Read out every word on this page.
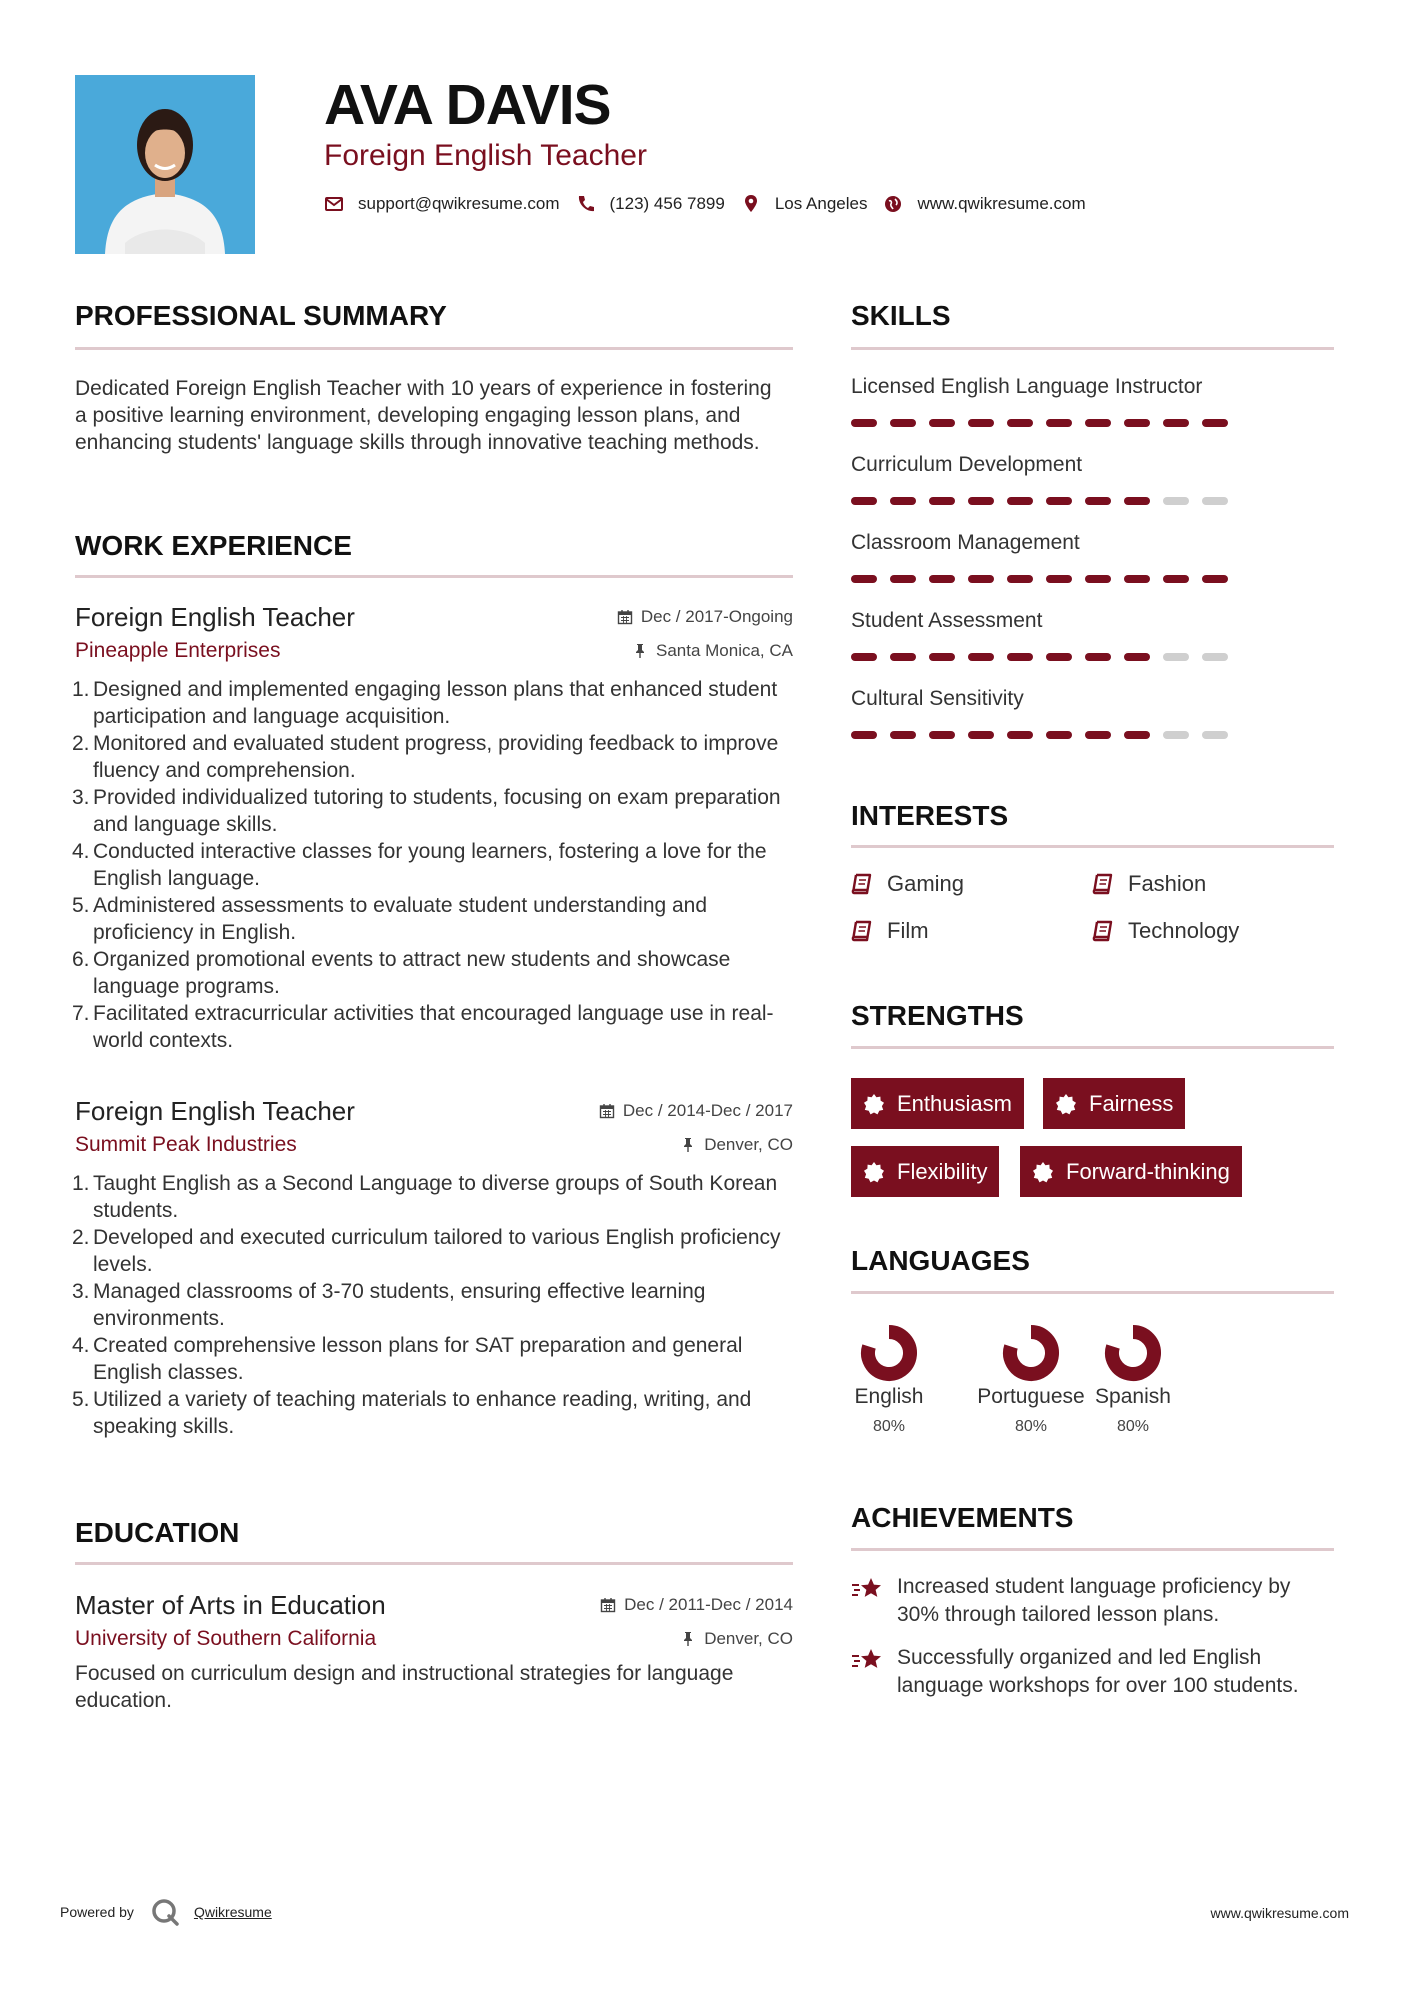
AVA DAVIS
Foreign English Teacher
support@qwikresume.com	(123) 456 7899	Los Angeles	www.qwikresume.com
PROFESSIONAL SUMMARY
Dedicated Foreign English Teacher with 10 years of experience in fostering a positive learning environment, developing engaging lesson plans, and enhancing students' language skills through innovative teaching methods.
WORK EXPERIENCE
Foreign English Teacher	Dec / 2017-Ongoing
Pineapple Enterprises	Santa Monica, CA
1. Designed and implemented engaging lesson plans that enhanced student participation and language acquisition.
2. Monitored and evaluated student progress, providing feedback to improve fluency and comprehension.
3. Provided individualized tutoring to students, focusing on exam preparation and language skills.
4. Conducted interactive classes for young learners, fostering a love for the English language.
5. Administered assessments to evaluate student understanding and proficiency in English.
6. Organized promotional events to attract new students and showcase language programs.
7. Facilitated extracurricular activities that encouraged language use in real-world contexts.
Foreign English Teacher	Dec / 2014-Dec / 2017
Summit Peak Industries	Denver, CO
1. Taught English as a Second Language to diverse groups of South Korean students.
2. Developed and executed curriculum tailored to various English proficiency levels.
3. Managed classrooms of 3-70 students, ensuring effective learning environments.
4. Created comprehensive lesson plans for SAT preparation and general English classes.
5. Utilized a variety of teaching materials to enhance reading, writing, and speaking skills.
EDUCATION
Master of Arts in Education	Dec / 2011-Dec / 2014
University of Southern California	Denver, CO
Focused on curriculum design and instructional strategies for language education.
SKILLS
Licensed English Language Instructor
Curriculum Development
Classroom Management
Student Assessment
Cultural Sensitivity
INTERESTS
Gaming	Fashion
Film	Technology
STRENGTHS
Enthusiasm	Fairness
Flexibility	Forward-thinking
LANGUAGES
English
80%
Portuguese
80%
Spanish
80%
ACHIEVEMENTS
Increased student language proficiency by 30% through tailored lesson plans.
Successfully organized and led English language workshops for over 100 students.
Powered by	Qwikresume	www.qwikresume.com
